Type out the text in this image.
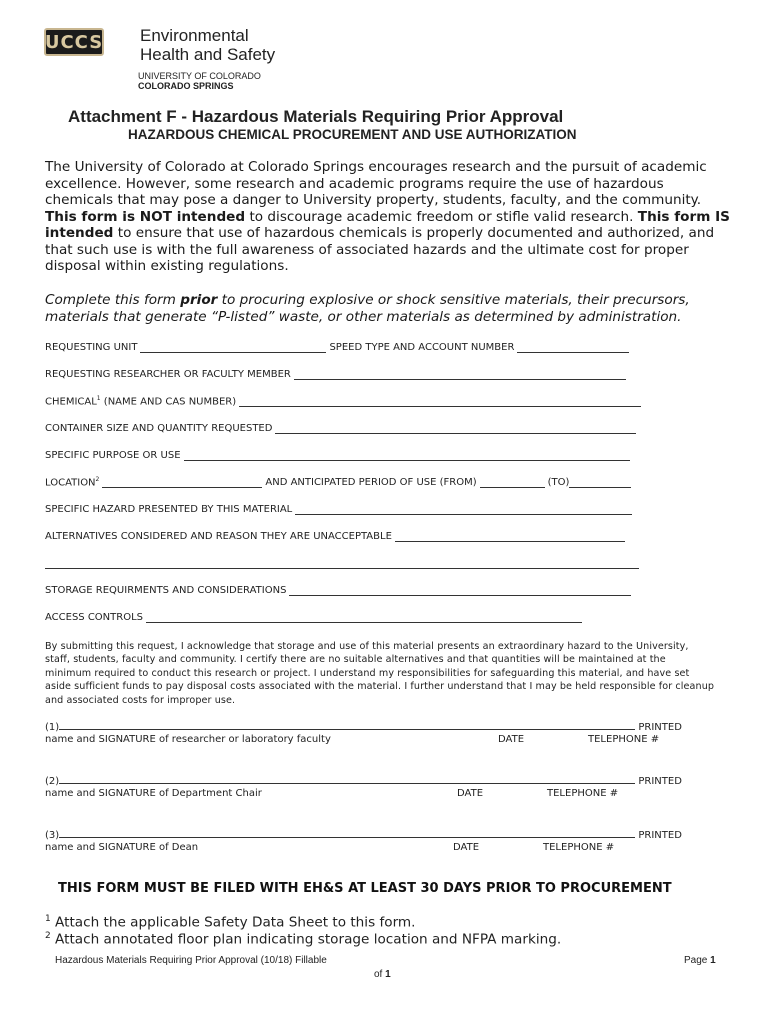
UCCS Environmental
Health and Safety
UNIVERSITY OF COLORADO
COLORADO SPRINGS
Attachment F - Hazardous Materials Requiring Prior Approval
HAZARDOUS CHEMICAL PROCUREMENT AND USE AUTHORIZATION
The University of Colorado at Colorado Springs encourages research and the pursuit of academic excellence. However, some research and academic programs require the use of hazardous chemicals that may pose a danger to University property, students, faculty, and the community. This form is NOT intended to discourage academic freedom or stifle valid research. This form IS intended to ensure that use of hazardous chemicals is properly documented and authorized, and that such use is with the full awareness of associated hazards and the ultimate cost for proper disposal within existing regulations.
Complete this form prior to procuring explosive or shock sensitive materials, their precursors, materials that generate “P-listed” waste, or other materials as determined by administration.
REQUESTING UNIT	SPEED TYPE AND ACCOUNT NUMBER
REQUESTING RESEARCHER OR FACULTY MEMBER
CHEMICAL$^1$ (NAME AND CAS NUMBER)
CONTAINER SIZE AND QUANTITY REQUESTED
SPECIFIC PURPOSE OR USE
LOCATION$^2$	AND ANTICIPATED PERIOD OF USE (FROM)	(TO)
SPECIFIC HAZARD PRESENTED BY THIS MATERIAL
ALTERNATIVES CONSIDERED AND REASON THEY ARE UNACCEPTABLE
STORAGE REQUIRMENTS AND CONSIDERATIONS
ACCESS CONTROLS
By submitting this request, I acknowledge that storage and use of this material presents an extraordinary hazard to the University, staff, students, faculty and community. I certify there are no suitable alternatives and that quantities will be maintained at the minimum required to conduct this research or project. I understand my responsibilities for safeguarding this material, and have set aside sufficient funds to pay disposal costs associated with the material. I further understand that I may be held responsible for cleanup and associated costs for improper use.
(1)	PRINTED
name and SIGNATURE of researcher or laboratory faculty	DATE	TELEPHONE #
(2)	PRINTED
name and SIGNATURE of Department Chair	DATE	TELEPHONE #
(3)	PRINTED
name and SIGNATURE of Dean	DATE	TELEPHONE #
THIS FORM MUST BE FILED WITH EH&S AT LEAST 30 DAYS PRIOR TO PROCUREMENT
$^1$ Attach the applicable Safety Data Sheet to this form.
$^2$ Attach annotated floor plan indicating storage location and NFPA marking.
Hazardous Materials Requiring Prior Approval (10/18) Fillable	Page 1
of 1
